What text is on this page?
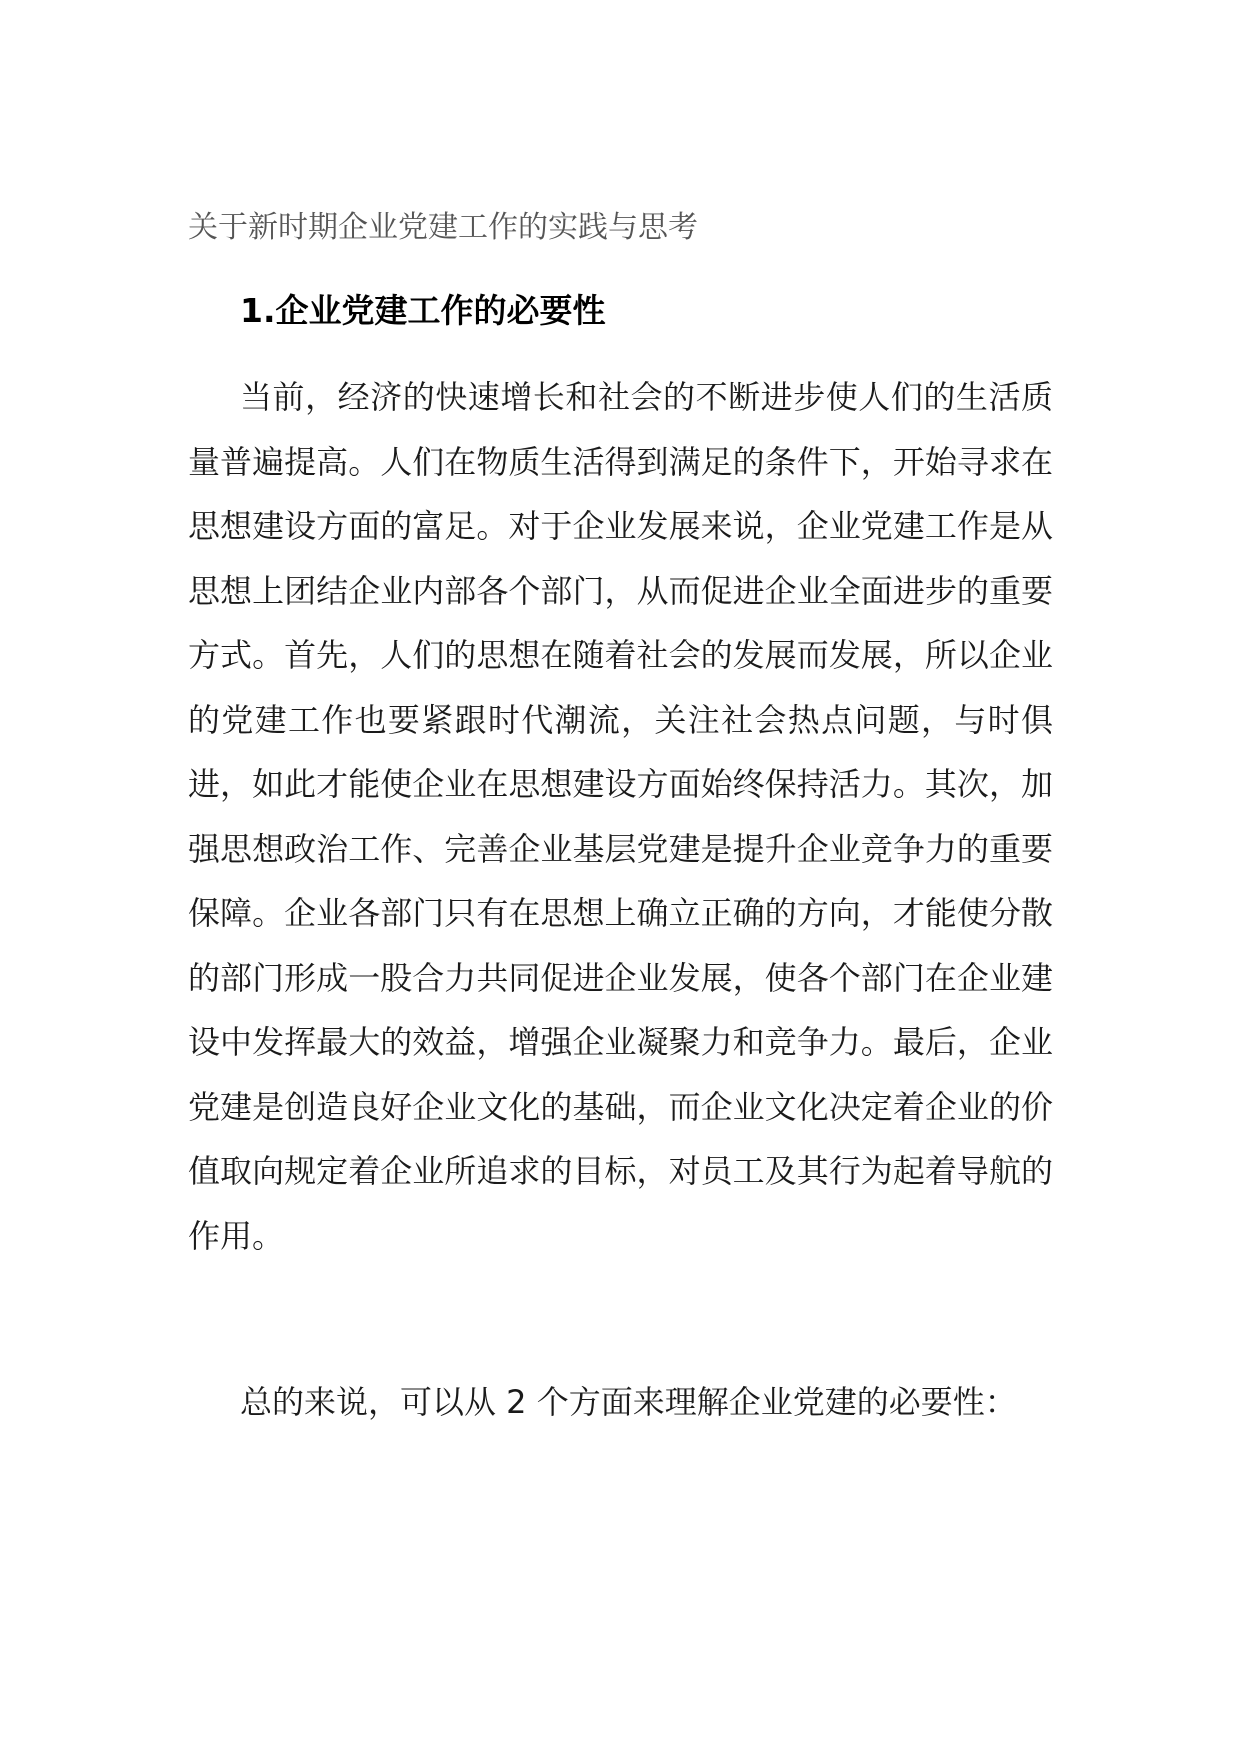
关于新时期企业党建工作的实践与思考
1.企业党建工作的必要性

当前，经济的快速增长和社会的不断进步使人们的生活质量普遍提高。人们在物质生活得到满足的条件下，开始寻求在思想建设方面的富足。对于企业发展来说，企业党建工作是从思想上团结企业内部各个部门，从而促进企业全面进步的重要方式。首先，人们的思想在随着社会的发展而发展，所以企业的党建工作也要紧跟时代潮流，关注社会热点问题，与时俱进，如此才能使企业在思想建设方面始终保持活力。其次，加强思想政治工作、完善企业基层党建是提升企业竞争力的重要保障。企业各部门只有在思想上确立正确的方向，才能使分散的部门形成一股合力共同促进企业发展，使各个部门在企业建设中发挥最大的效益，增强企业凝聚力和竞争力。最后，企业党建是创造良好企业文化的基础，而企业文化决定着企业的价值取向规定着企业所追求的目标，对员工及其行为起着导航的作用。

总的来说，可以从 2 个方面来理解企业党建的必要性：
